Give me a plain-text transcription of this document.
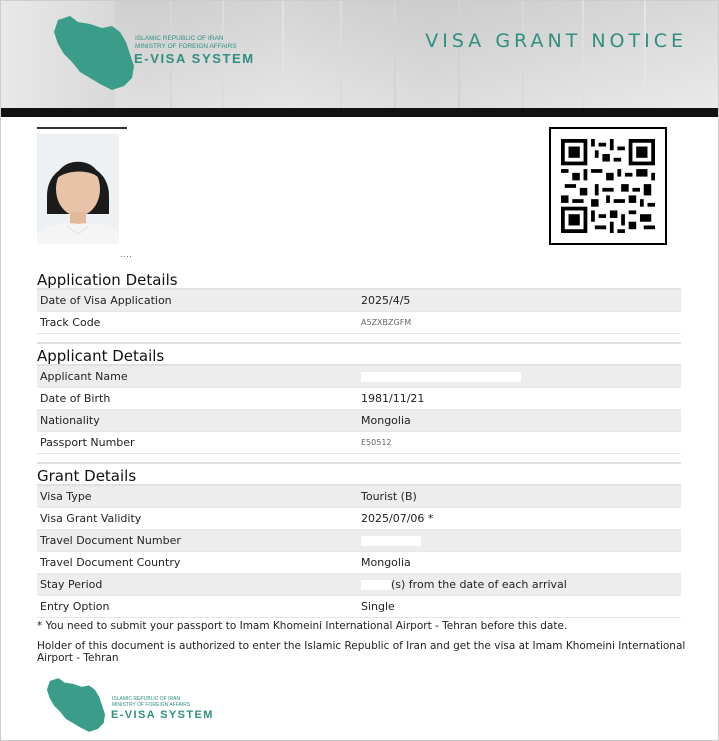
ISLAMIC REPUBLIC OF IRAN
MINISTRY OF FOREIGN AFFAIRS
E-VISA SYSTEM
VISA GRANT NOTICE
....
Application Details
Date of Visa Application	2025/4/5
Track Code	A5ZXBZGFM
Applicant Details
Applicant Name
Date of Birth	1981/11/21
Nationality	Mongolia
Passport Number	E50512
Grant Details
Visa Type	Tourist (B)
Visa Grant Validity	2025/07/06 *
Travel Document Number
Travel Document Country	Mongolia
Stay Period	(s) from the date of each arrival
Entry Option	Single
* You need to submit your passport to Imam Khomeini International Airport - Tehran before this date.
Holder of this document is authorized to enter the Islamic Republic of Iran and get the visa at Imam Khomeini International Airport - Tehran
ISLAMIC REPUBLIC OF IRAN
MINISTRY OF FOREIGN AFFAIRS
E-VISA SYSTEM
